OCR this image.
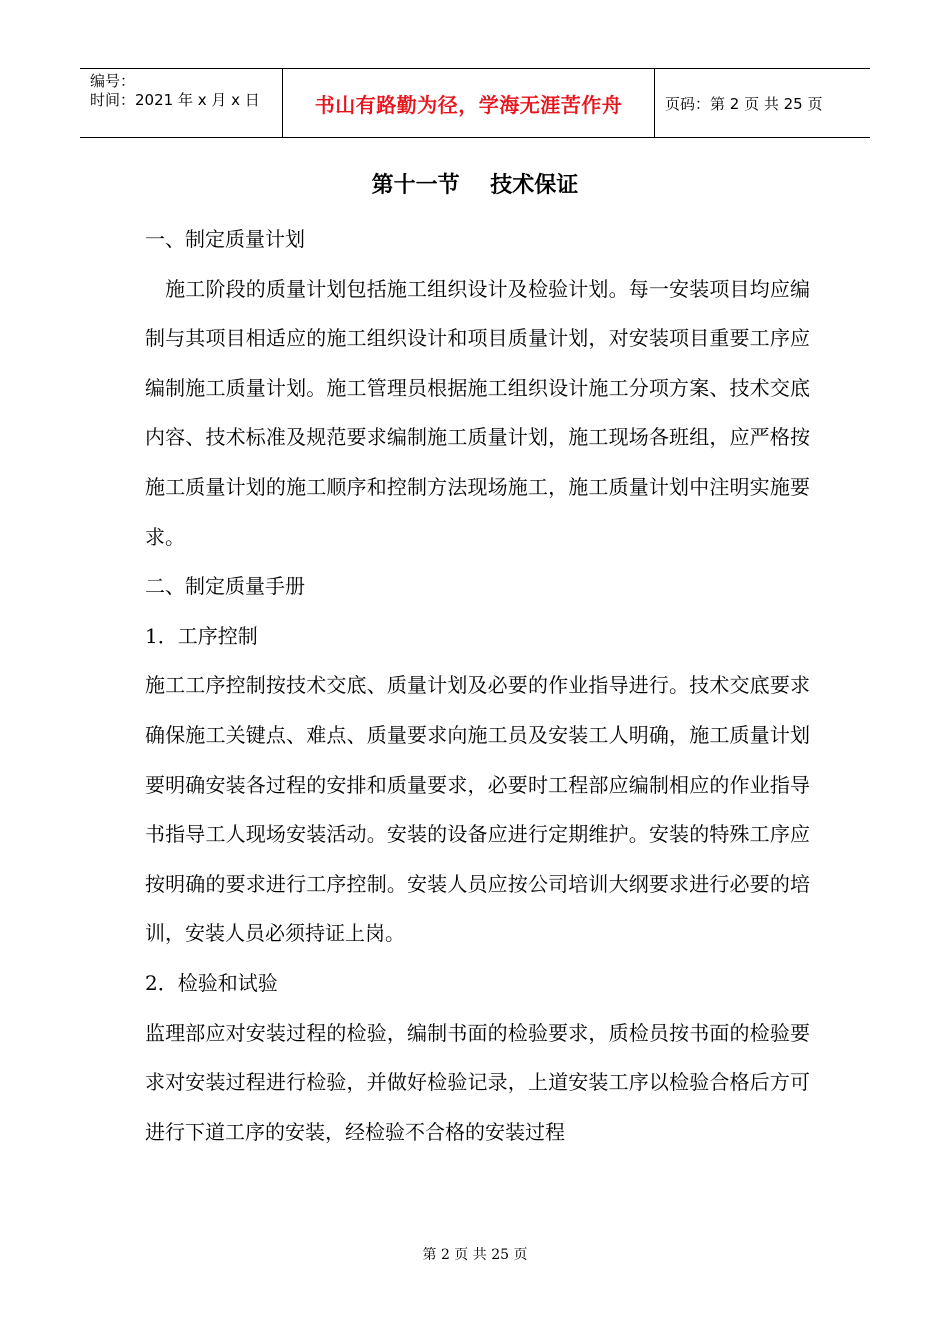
编号：
时间：2021 年 x 月 x 日	书山有路勤为径，学海无涯苦作舟	页码：第 2 页 共 25 页
第十一节    技术保证

一、制定质量计划

　施工阶段的质量计划包括施工组织设计及检验计划。每一安装项目均应编制与其项目相适应的施工组织设计和项目质量计划，对安装项目重要工序应编制施工质量计划。施工管理员根据施工组织设计施工分项方案、技术交底内容、技术标准及规范要求编制施工质量计划，施工现场各班组，应严格按施工质量计划的施工顺序和控制方法现场施工，施工质量计划中注明实施要求。

二、制定质量手册

1．工序控制

施工工序控制按技术交底、质量计划及必要的作业指导进行。技术交底要求确保施工关键点、难点、质量要求向施工员及安装工人明确，施工质量计划要明确安装各过程的安排和质量要求，必要时工程部应编制相应的作业指导书指导工人现场安装活动。安装的设备应进行定期维护。安装的特殊工序应按明确的要求进行工序控制。安装人员应按公司培训大纲要求进行必要的培训，安装人员必须持证上岗。

2．检验和试验

监理部应对安装过程的检验，编制书面的检验要求，质检员按书面的检验要求对安装过程进行检验，并做好检验记录，上道安装工序以检验合格后方可进行下道工序的安装，经检验不合格的安装过程

第 2 页 共 25 页
